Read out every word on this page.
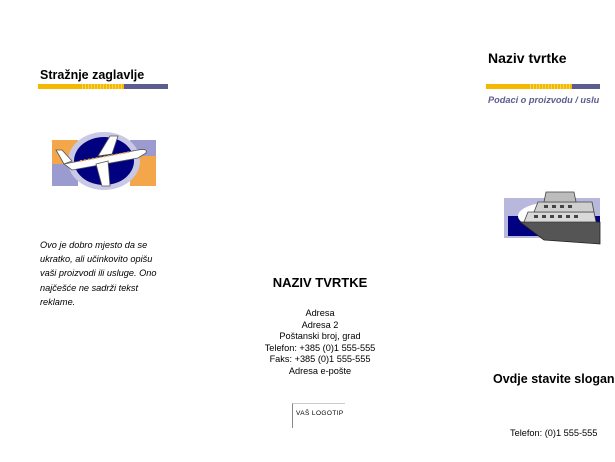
Stražnje zaglavlje
Ovo je dobro mjesto da se ukratko, ali učinkovito opišu vaši proizvodi ili usluge. Ono najčešće ne sadrži tekst reklame.
NAZIV TVRTKE
Adresa
Adresa 2
Poštanski broj, grad
Telefon: +385 (0)1 555-555
Faks: +385 (0)1 555-555
Adresa e-pošte
VAŠ LOGOTIP
Naziv tvrtke
Podaci o proizvodu / uslu
Ovdje stavite slogan
Telefon: (0)1 555-555
